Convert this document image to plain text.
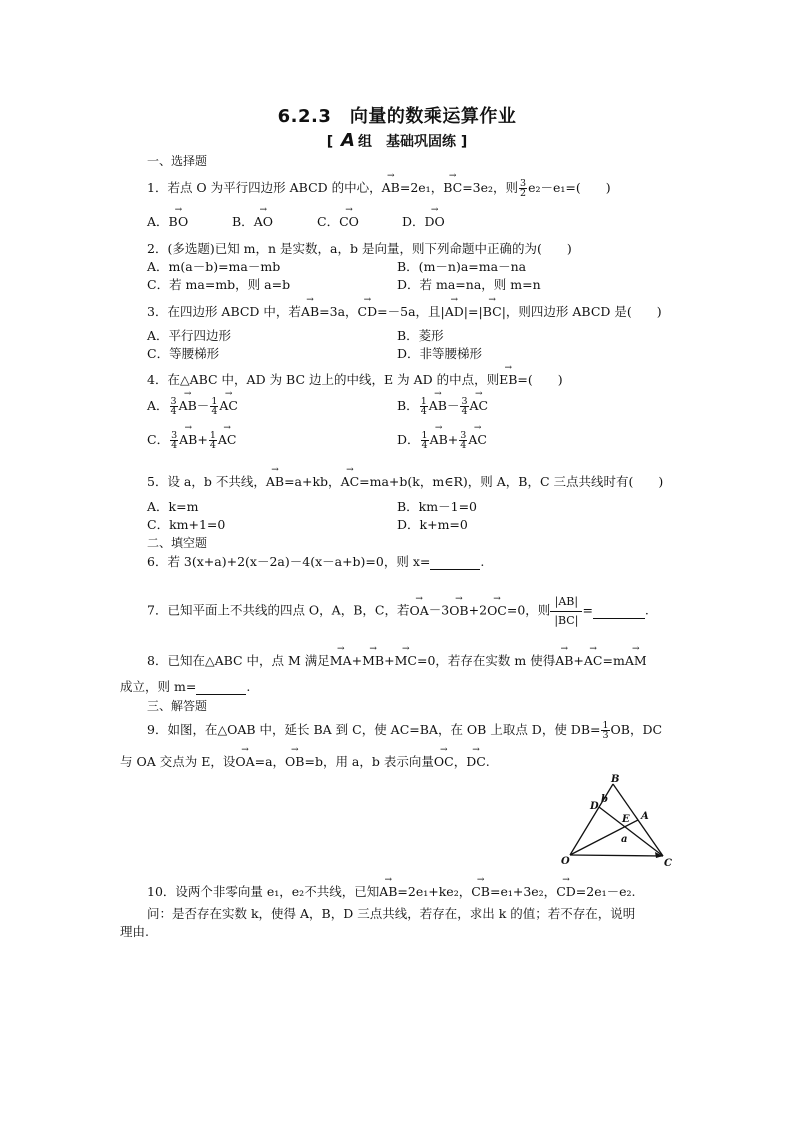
6.2.3　向量的数乘运算作业
[ A 组　基础巩固练 ]
一、选择题
1．若点 O 为平行四边形 ABCD 的中心，→ AB=2e₁，→ BC=3e₂，则 $\frac{3}{2} e_2-e_1=$(　　)
A．→ BO	B．→ AO	C．→ CO	D．→ DO
2．(多选题)已知 m，n 是实数，a，b 是向量，则下列命题中正确的为(　　)
A．m(a－b)=ma－mb	B．(m－n)a=ma－na
C．若 ma=mb，则 a=b	D．若 ma=na，则 m=n
3．在四边形 ABCD 中，若→ AB=3a，→ CD=－5a，且|→ AD|=|→ BC|，则四边形 ABCD 是(　　)
A．平行四边形	B．菱形
C．等腰梯形	D．非等腰梯形
4．在△ABC 中，AD 为 BC 边上的中线，E 为 AD 的中点，则→ EB=(　　)
A． $\frac{3}{4}$
→ $AB- \frac{1}{4}$
→ AC	B． $\frac{1}{4}$
→ $AB- \frac{3}{4}$
→ AC
C． $\frac{3}{4}$
→ $AB+ \frac{1}{4}$
→ AC	D． $\frac{1}{4}$
→ $AB+ \frac{3}{4}$
→ AC
5．设 a，b 不共线，→ AB=a+kb，→ AC=ma+b(k，m∈R)，则 A，B，C 三点共线时有(　　)
A．k=m	B．km－1=0
C．km+1=0	D．k+m=0
二、填空题
6．若 3(x+a)+2(x－2a)－4(x－a+b)=0，则 x=	.
7．已知平面上不共线的四点 O，A，B，C，若→ OA－3→ OB+2→ OC=0，则 $\frac{|AB|}{|BC|}$ =	.
8．已知在△ABC 中，点 M 满足→ MA+→ MB+→ MC=0，若存在实数 m 使得→ AB+→ AC=m→ AM
成立，则 m=	.
三、解答题
9．如图，在△OAB 中，延长 BA 到 C，使 AC=BA，在 OB 上取点 D，使 $DB= \frac{1}{3}$ OB，DC
与 OA 交点为 E，设→ OA=a，→ OB=b，用 a，b 表示向量→ OC，→ DC.
B
D
b
E A
a
O	C
10．设两个非零向量 e₁，e₂不共线，已知→ AB=2e₁+ke₂，→ CB=e₁+3e₂，→ CD=2e₁－e₂.
问：是否存在实数 k，使得 A，B，D 三点共线，若存在，求出 k 的值；若不存在，说明
理由.
